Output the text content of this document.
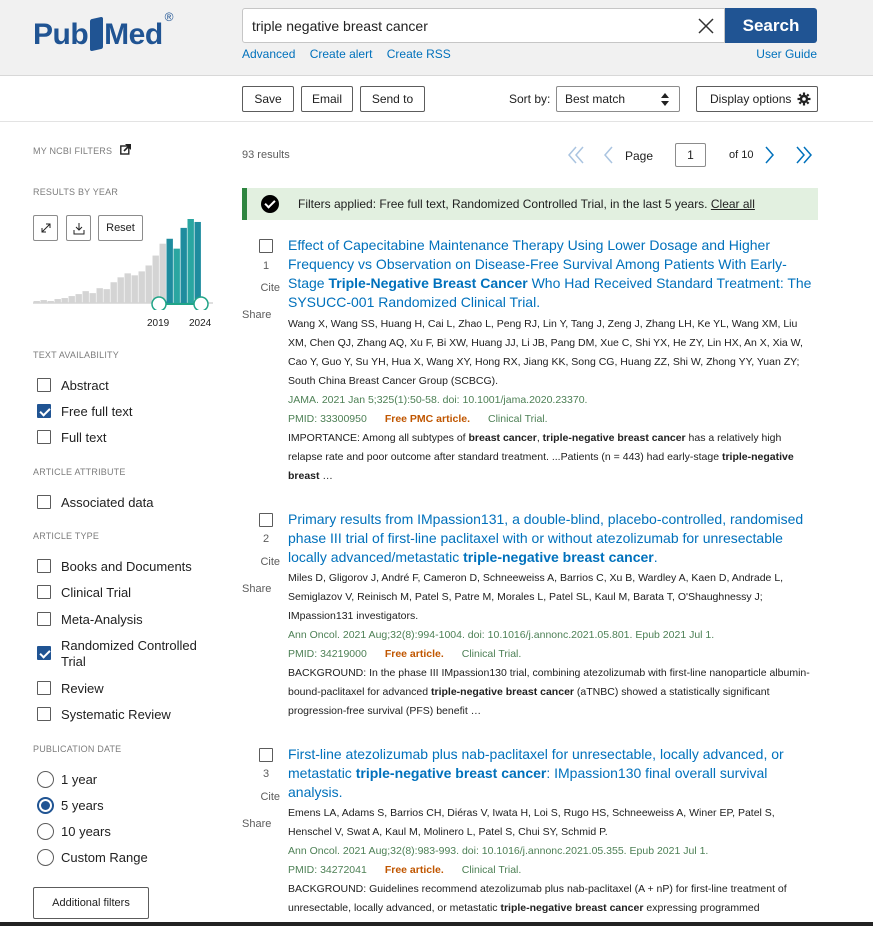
Pub Med
®
triple negative breast cancer	Search
Advanced Create alert Create RSS	User Guide
Save	Email	Send to	Sort by:	Best match	Display options
MY NCBI FILTERS
RESULTS BY YEAR
Reset
2019 2024
TEXT AVAILABILITY
Abstract
Free full text
Full text
ARTICLE ATTRIBUTE
Associated data
ARTICLE TYPE
Books and Documents
Clinical Trial
Meta-Analysis
Randomized Controlled
Trial
Review
Systematic Review
PUBLICATION DATE
1 year
5 years
10 years
Custom Range
Additional filters
93 results	Page
1	of 10
Filters applied: Free full text, Randomized Controlled Trial, in the last 5 years. Clear all
1
Cite
Share
Effect of Capecitabine Maintenance Therapy Using Lower Dosage and Higher Frequency vs Observation on Disease-Free Survival Among Patients With Early-Stage Triple-Negative Breast Cancer Who Had Received Standard Treatment: The SYSUCC-001 Randomized Clinical Trial.
Wang X, Wang SS, Huang H, Cai L, Zhao L, Peng RJ, Lin Y, Tang J, Zeng J, Zhang LH, Ke YL, Wang XM, Liu XM, Chen QJ, Zhang AQ, Xu F, Bi XW, Huang JJ, Li JB, Pang DM, Xue C, Shi YX, He ZY, Lin HX, An X, Xia W, Cao Y, Guo Y, Su YH, Hua X, Wang XY, Hong RX, Jiang KK, Song CG, Huang ZZ, Shi W, Zhong YY, Yuan ZY; South China Breast Cancer Group (SCBCG).
JAMA. 2021 Jan 5;325(1):50-58. doi: 10.1001/jama.2020.23370.
PMID: 33300950 Free PMC article. Clinical Trial.
IMPORTANCE: Among all subtypes of breast cancer, triple-negative breast cancer has a relatively high relapse rate and poor outcome after standard treatment. ...Patients (n = 443) had early-stage triple-negative breast …
2
Cite
Share
Primary results from IMpassion131, a double-blind, placebo-controlled, randomised phase III trial of first-line paclitaxel with or without atezolizumab for unresectable locally advanced/metastatic triple-negative breast cancer.
Miles D, Gligorov J, André F, Cameron D, Schneeweiss A, Barrios C, Xu B, Wardley A, Kaen D, Andrade L, Semiglazov V, Reinisch M, Patel S, Patre M, Morales L, Patel SL, Kaul M, Barata T, O'Shaughnessy J; IMpassion131 investigators.
Ann Oncol. 2021 Aug;32(8):994-1004. doi: 10.1016/j.annonc.2021.05.801. Epub 2021 Jul 1.
PMID: 34219000 Free article. Clinical Trial.
BACKGROUND: In the phase III IMpassion130 trial, combining atezolizumab with first-line nanoparticle albumin-bound-paclitaxel for advanced triple-negative breast cancer (aTNBC) showed a statistically significant progression-free survival (PFS) benefit …
3
Cite
Share
First-line atezolizumab plus nab-paclitaxel for unresectable, locally advanced, or metastatic triple-negative breast cancer: IMpassion130 final overall survival analysis.
Emens LA, Adams S, Barrios CH, Diéras V, Iwata H, Loi S, Rugo HS, Schneeweiss A, Winer EP, Patel S, Henschel V, Swat A, Kaul M, Molinero L, Patel S, Chui SY, Schmid P.
Ann Oncol. 2021 Aug;32(8):983-993. doi: 10.1016/j.annonc.2021.05.355. Epub 2021 Jul 1.
PMID: 34272041 Free article. Clinical Trial.
BACKGROUND: Guidelines recommend atezolizumab plus nab-paclitaxel (A + nP) for first-line treatment of unresectable, locally advanced, or metastatic triple-negative breast cancer expressing programmed
